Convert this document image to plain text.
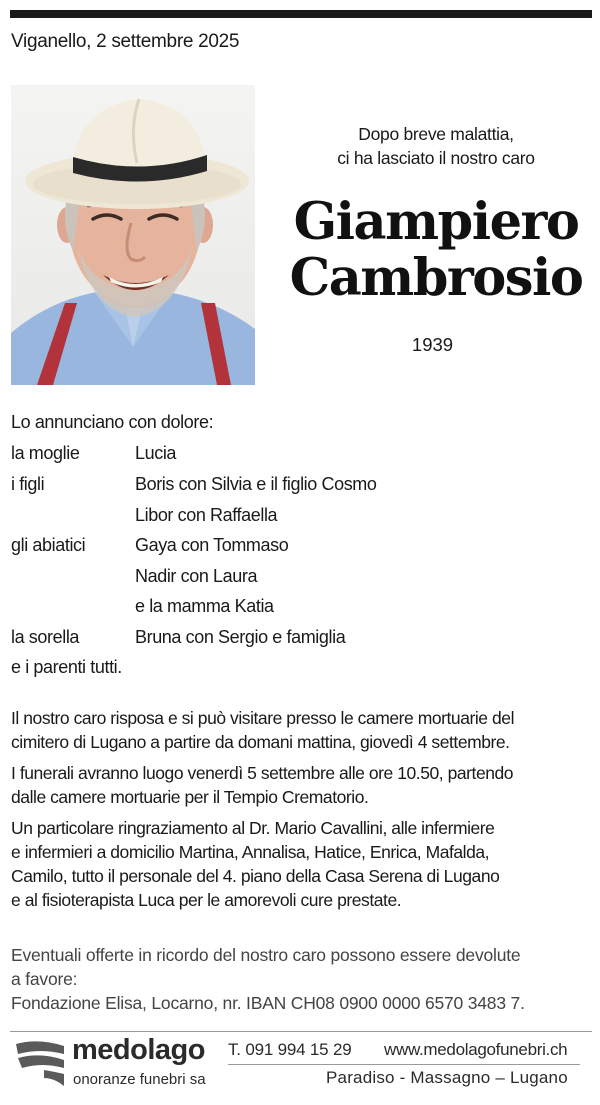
Viganello, 2 settembre 2025
Dopo breve malattia,
ci ha lasciato il nostro caro
Giampiero
Cambrosio
1939
Lo annunciano con dolore:
la moglie	Lucia
i figli	Boris con Silvia e il figlio Cosmo
Libor con Raffaella
gli abiatici	Gaya con Tommaso
Nadir con Laura
e la mamma Katia
la sorella	Bruna con Sergio e famiglia
e i parenti tutti.
Il nostro caro risposa e si può visitare presso le camere mortuarie del
cimitero di Lugano a partire da domani mattina, giovedì 4 settembre.
I funerali avranno luogo venerdì 5 settembre alle ore 10.50, partendo
dalle camere mortuarie per il Tempio Crematorio.
Un particolare ringraziamento al Dr. Mario Cavallini, alle infermiere
e infermieri a domicilio Martina, Annalisa, Hatice, Enrica, Mafalda,
Camilo, tutto il personale del 4. piano della Casa Serena di Lugano
e al fisioterapista Luca per le amorevoli cure prestate.
Eventuali offerte in ricordo del nostro caro possono essere devolute
a favore:
Fondazione Elisa, Locarno, nr. IBAN CH08 0900 0000 6570 3483 7.
medolago
onoranze funebri sa
T. 091 994 15 29 www.medolagofunebri.ch
Paradiso - Massagno – Lugano
